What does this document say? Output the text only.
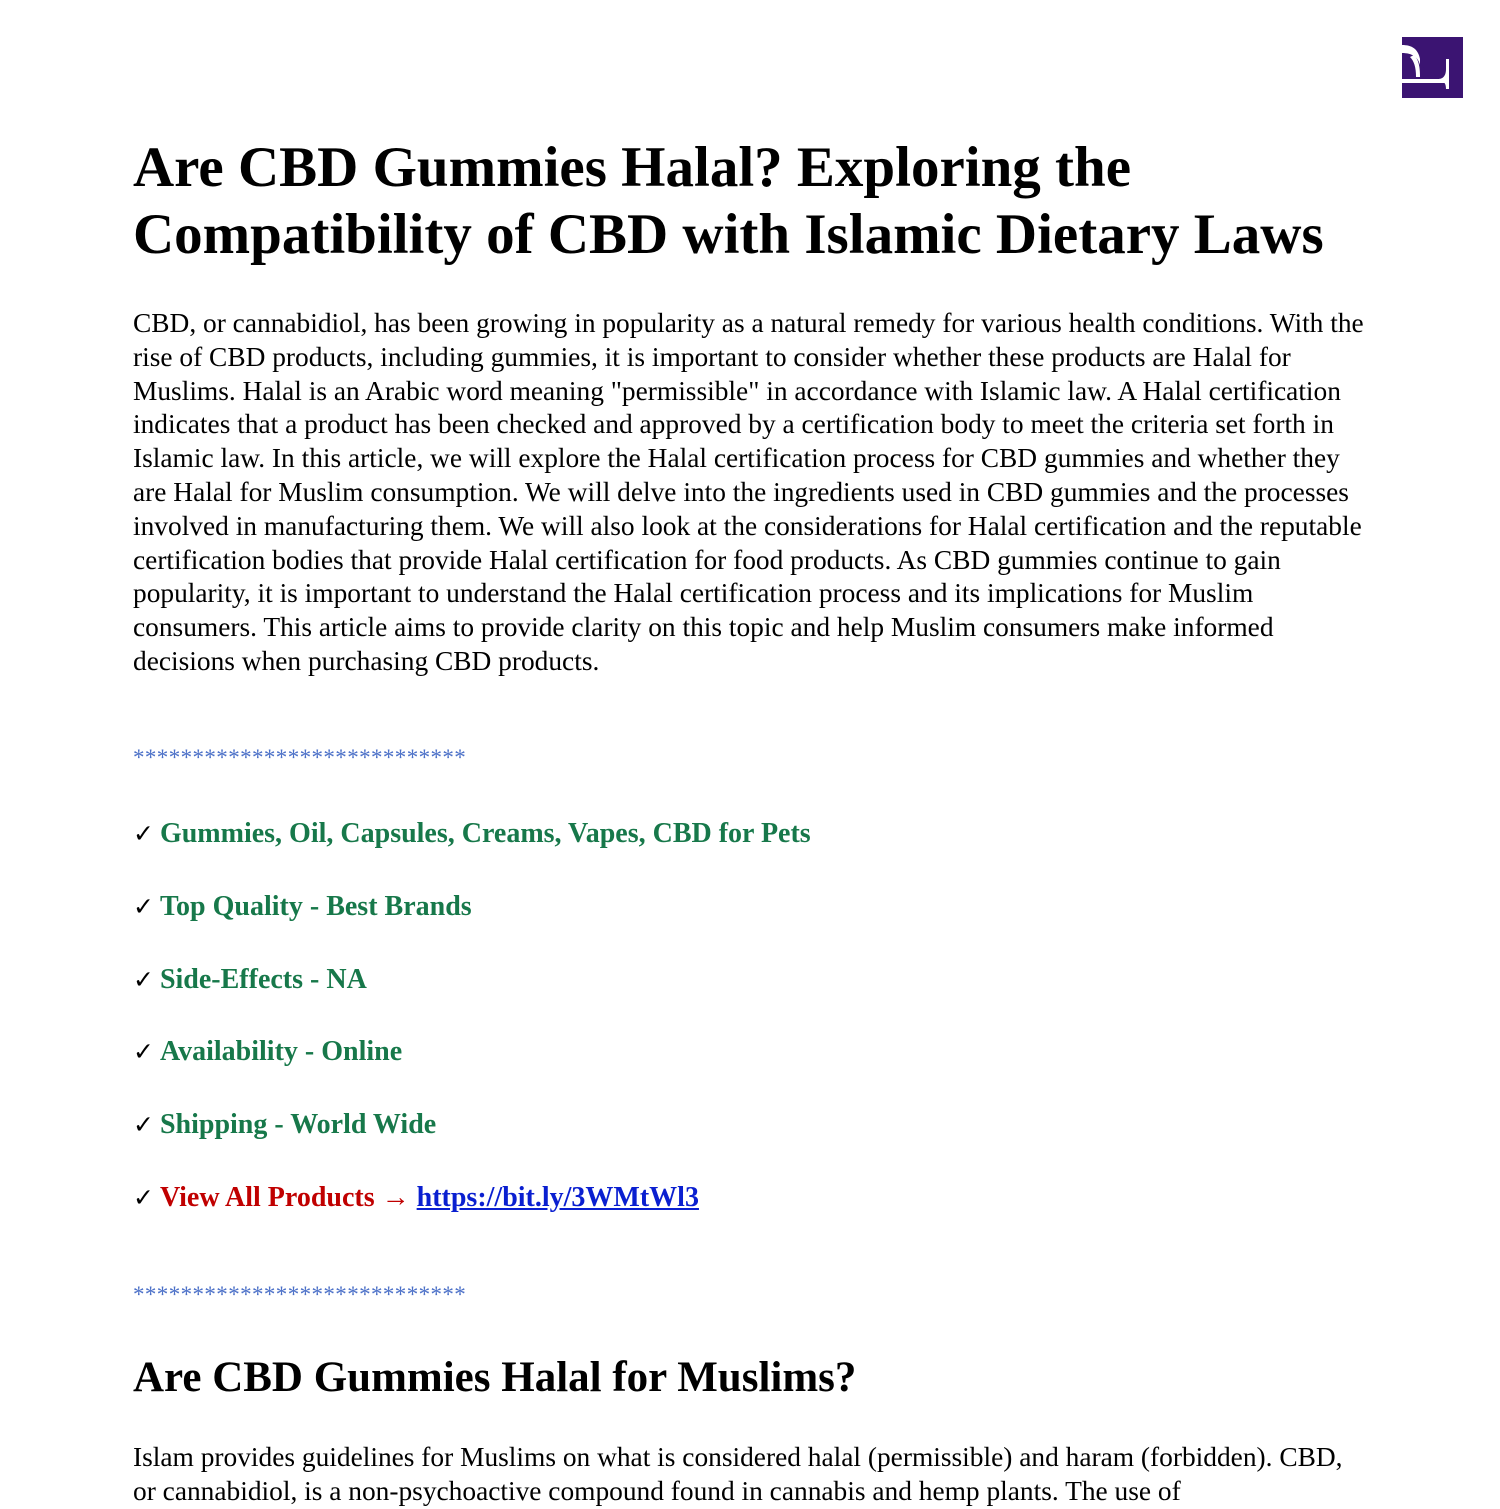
Are CBD Gummies Halal? Exploring the Compatibility of CBD with Islamic Dietary Laws

CBD, or cannabidiol, has been growing in popularity as a natural remedy for various health conditions. With the rise of CBD products, including gummies, it is important to consider whether these products are Halal for Muslims. Halal is an Arabic word meaning "permissible" in accordance with Islamic law. A Halal certification indicates that a product has been checked and approved by a certification body to meet the criteria set forth in Islamic law. In this article, we will explore the Halal certification process for CBD gummies and whether they are Halal for Muslim consumption. We will delve into the ingredients used in CBD gummies and the processes involved in manufacturing them. We will also look at the considerations for Halal certification and the reputable certification bodies that provide Halal certification for food products. As CBD gummies continue to gain popularity, it is important to understand the Halal certification process and its implications for Muslim consumers. This article aims to provide clarity on this topic and help Muslim consumers make informed decisions when purchasing CBD products.

****************************

✓ Gummies, Oil, Capsules, Creams, Vapes, CBD for Pets

✓ Top Quality - Best Brands

✓ Side-Effects - NA

✓ Availability - Online

✓ Shipping - World Wide

✓ View All Products → https://bit.ly/3WMtWl3

****************************

Are CBD Gummies Halal for Muslims?

Islam provides guidelines for Muslims on what is considered halal (permissible) and haram (forbidden). CBD, or cannabidiol, is a non-psychoactive compound found in cannabis and hemp plants. The use of
